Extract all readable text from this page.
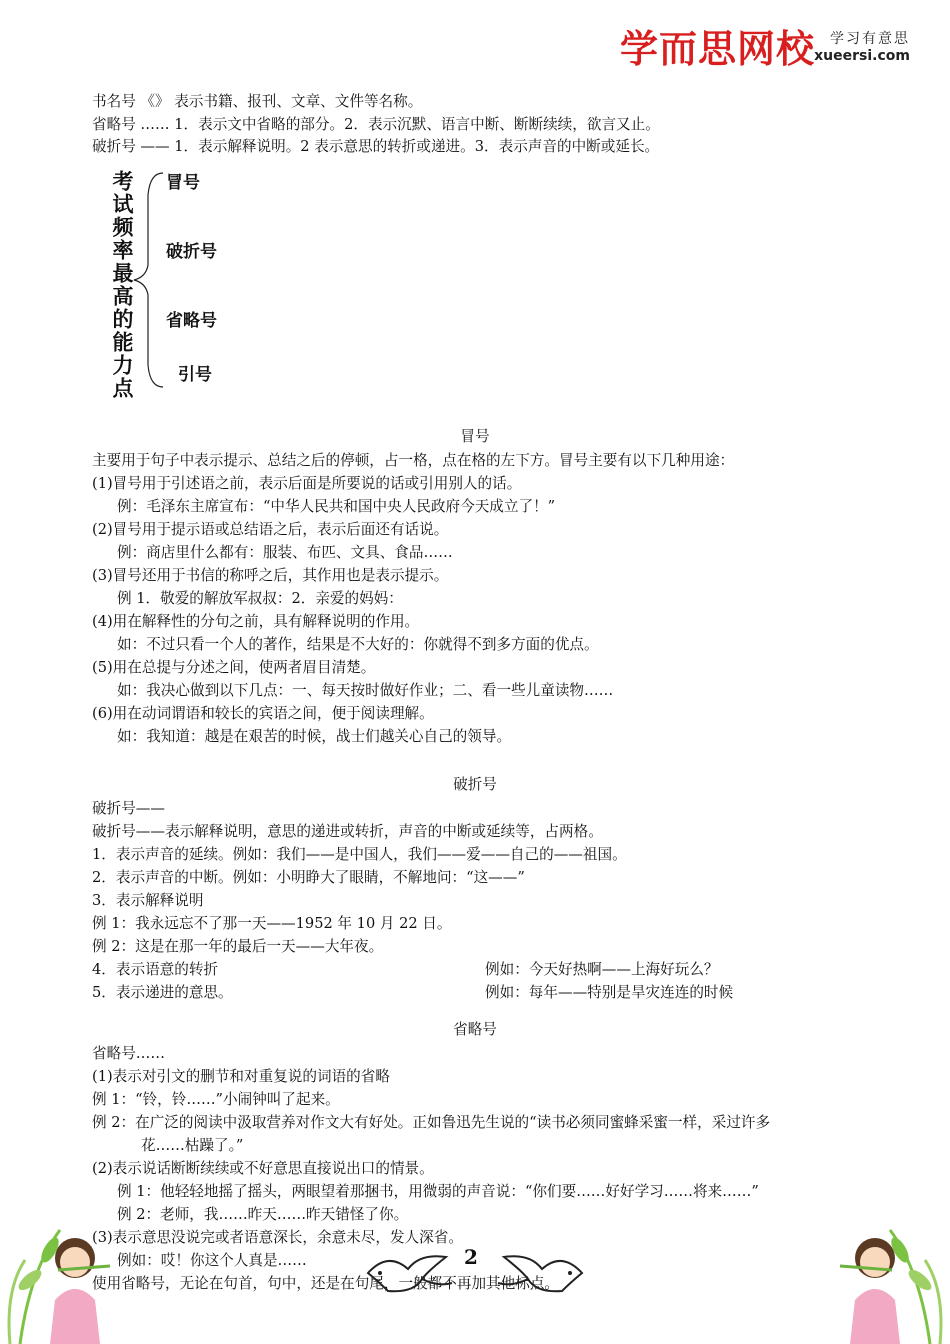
学而思网校 学习有意思
xueersi.com
书名号 《》 表示书籍、报刊、文章、文件等名称。
省略号 …… 1．表示文中省略的部分。2．表示沉默、语言中断、断断续续，欲言又止。
破折号 —— 1．表示解释说明。2 表示意思的转折或递进。3．表示声音的中断或延长。
考试频率最高的能力点 冒号
破折号
省略号
引号
冒号
主要用于句子中表示提示、总结之后的停顿，占一格，点在格的左下方。冒号主要有以下几种用途：
(1)冒号用于引述语之前，表示后面是所要说的话或引用别人的话。
例：毛泽东主席宣布：“中华人民共和国中央人民政府今天成立了！”
(2)冒号用于提示语或总结语之后，表示后面还有话说。
例：商店里什么都有：服装、布匹、文具、食品……
(3)冒号还用于书信的称呼之后，其作用也是表示提示。
例 1．敬爱的解放军叔叔：2．亲爱的妈妈：
(4)用在解释性的分句之前，具有解释说明的作用。
如：不过只看一个人的著作，结果是不大好的：你就得不到多方面的优点。
(5)用在总提与分述之间，使两者眉目清楚。
如：我决心做到以下几点：一、每天按时做好作业；二、看一些儿童读物……
(6)用在动词谓语和较长的宾语之间，便于阅读理解。
如：我知道：越是在艰苦的时候，战士们越关心自己的领导。
破折号
破折号——
破折号——表示解释说明，意思的递进或转折，声音的中断或延续等，占两格。
1．表示声音的延续。例如：我们——是中国人，我们——爱——自己的——祖国。
2．表示声音的中断。例如：小明睁大了眼睛，不解地问：“这——”
3．表示解释说明
例 1：我永远忘不了那一天——1952 年 10 月 22 日。
例 2：这是在那一年的最后一天——大年夜。
4．表示语意的转折
5．表示递进的意思。
例如：今天好热啊——上海好玩么？
例如：每年——特别是旱灾连连的时候
省略号
省略号……
(1)表示对引文的删节和对重复说的词语的省略
例 1：“铃，铃……”小闹钟叫了起来。
例 2：在广泛的阅读中汲取营养对作文大有好处。正如鲁迅先生说的“读书必须同蜜蜂采蜜一样，采过许多
花……枯躁了。”
(2)表示说话断断续续或不好意思直接说出口的情景。
例 1：他轻轻地摇了摇头，两眼望着那捆书，用微弱的声音说：“你们要……好好学习……将来……”
例 2：老师，我……昨天……昨天错怪了你。
(3)表示意思没说完或者语意深长，余意未尽，发人深省。
例如：哎！你这个人真是……
使用省略号，无论在句首，句中，还是在句尾，一般都不再加其他标点。
2
